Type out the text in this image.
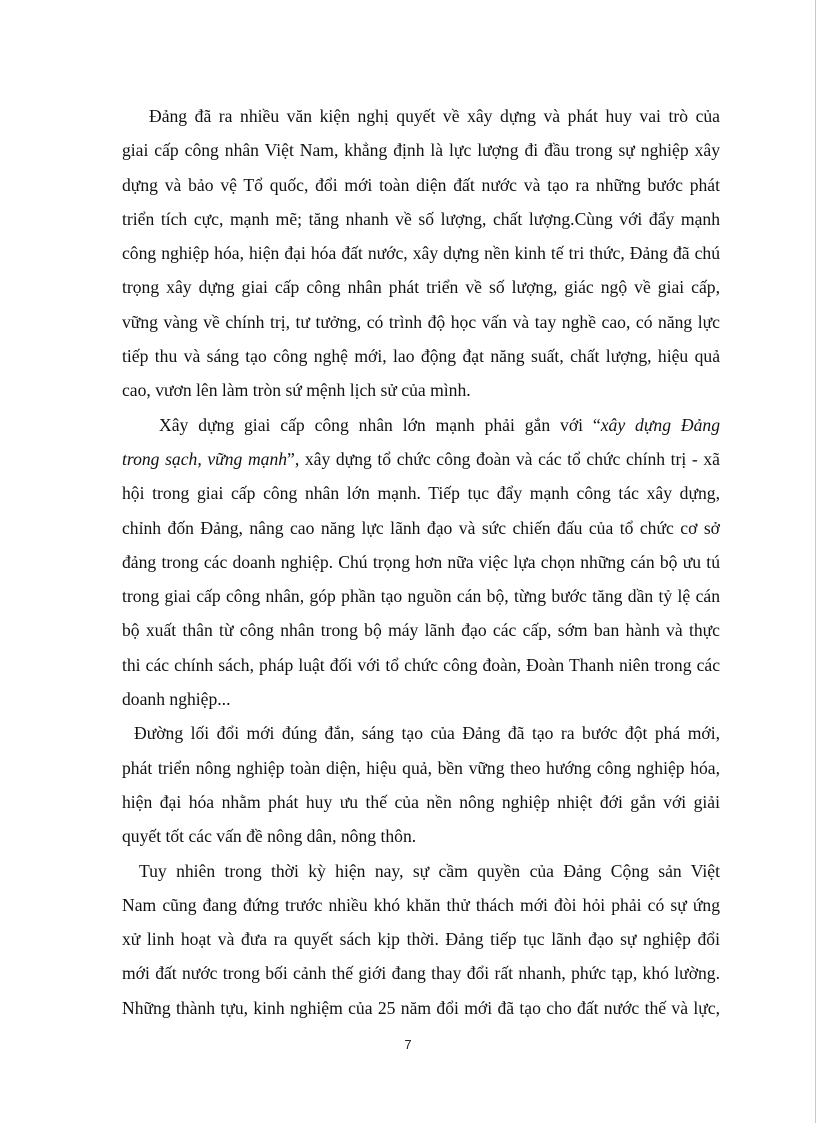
Đảng đã ra nhiều văn kiện nghị quyết về xây dựng và phát huy vai trò của
giai cấp công nhân Việt Nam, khẳng định là lực lượng đi đầu trong sự nghiệp xây
dựng và bảo vệ Tổ quốc, đổi mới toàn diện đất nước và tạo ra những bước phát
triển tích cực, mạnh mẽ; tăng nhanh về số lượng, chất lượng.Cùng với đẩy mạnh
công nghiệp hóa, hiện đại hóa đất nước, xây dựng nền kinh tế tri thức, Đảng đã chú
trọng xây dựng giai cấp công nhân phát triển về số lượng, giác ngộ về giai cấp,
vững vàng về chính trị, tư tưởng, có trình độ học vấn và tay nghề cao, có năng lực
tiếp thu và sáng tạo công nghệ mới, lao động đạt năng suất, chất lượng, hiệu quả
cao, vươn lên làm tròn sứ mệnh lịch sử của mình.

Xây dựng giai cấp công nhân lớn mạnh phải gắn với “xây dựng Đảng
trong sạch, vững mạnh”, xây dựng tổ chức công đoàn và các tổ chức chính trị - xã
hội trong giai cấp công nhân lớn mạnh. Tiếp tục đẩy mạnh công tác xây dựng,
chỉnh đốn Đảng, nâng cao năng lực lãnh đạo và sức chiến đấu của tổ chức cơ sở
đảng trong các doanh nghiệp. Chú trọng hơn nữa việc lựa chọn những cán bộ ưu tú
trong giai cấp công nhân, góp phần tạo nguồn cán bộ, từng bước tăng dần tỷ lệ cán
bộ xuất thân từ công nhân trong bộ máy lãnh đạo các cấp, sớm ban hành và thực
thi các chính sách, pháp luật đối với tổ chức công đoàn, Đoàn Thanh niên trong các
doanh nghiệp...

Đường lối đổi mới đúng đắn, sáng tạo của Đảng đã tạo ra bước đột phá mới,
phát triển nông nghiệp toàn diện, hiệu quả, bền vững theo hướng công nghiệp hóa,
hiện đại hóa nhằm phát huy ưu thế của nền nông nghiệp nhiệt đới gắn với giải
quyết tốt các vấn đề nông dân, nông thôn.

Tuy nhiên trong thời kỳ hiện nay, sự cầm quyền của Đảng Cộng sản Việt
Nam cũng đang đứng trước nhiều khó khăn thử thách mới đòi hỏi phải có sự ứng
xử linh hoạt và đưa ra quyết sách kịp thời. Đảng tiếp tục lãnh đạo sự nghiệp đổi
mới đất nước trong bối cảnh thế giới đang thay đổi rất nhanh, phức tạp, khó lường.
Những thành tựu, kinh nghiệm của 25 năm đổi mới đã tạo cho đất nước thế và lực,

7
